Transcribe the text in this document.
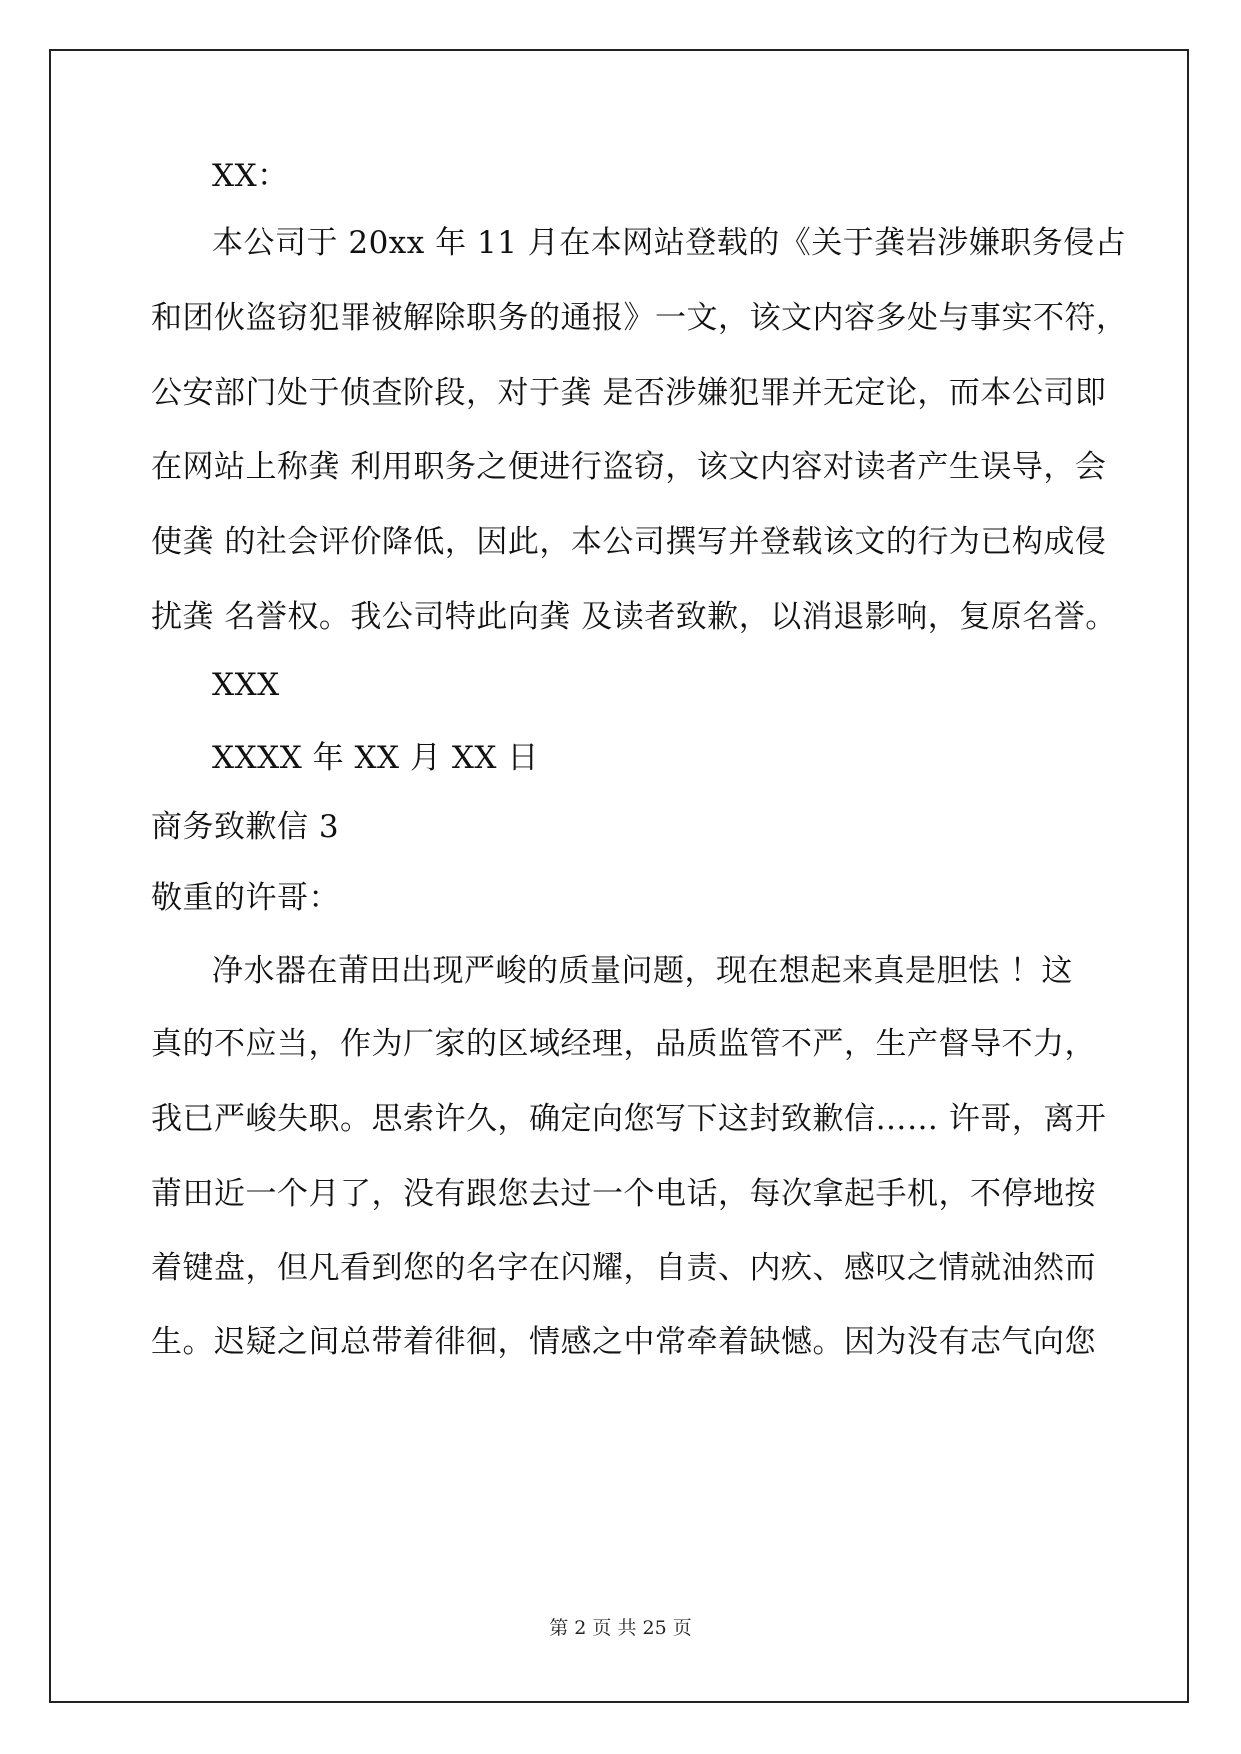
XX：
本公司于 20xx 年 11 月在本网站登载的《关于龚岩涉嫌职务侵占
和团伙盗窃犯罪被解除职务的通报》一文，该文内容多处与事实不符，
公安部门处于侦查阶段，对于龚 是否涉嫌犯罪并无定论，而本公司即
在网站上称龚 利用职务之便进行盗窃，该文内容对读者产生误导，会
使龚 的社会评价降低，因此，本公司撰写并登载该文的行为已构成侵
扰龚 名誉权。我公司特此向龚 及读者致歉，以消退影响，复原名誉。
XXX
XXXX 年 XX 月 XX 日
商务致歉信 3
敬重的许哥：
净水器在莆田出现严峻的质量问题，现在想起来真是胆怯 ！这
真的不应当，作为厂家的区域经理，品质监管不严，生产督导不力，
我已严峻失职。思索许久，确定向您写下这封致歉信…… 许哥，离开
莆田近一个月了，没有跟您去过一个电话，每次拿起手机，不停地按
着键盘，但凡看到您的名字在闪耀，自责、内疚、感叹之情就油然而
生。迟疑之间总带着徘徊，情感之中常牵着缺憾。因为没有志气向您
第 2 页 共 25 页
